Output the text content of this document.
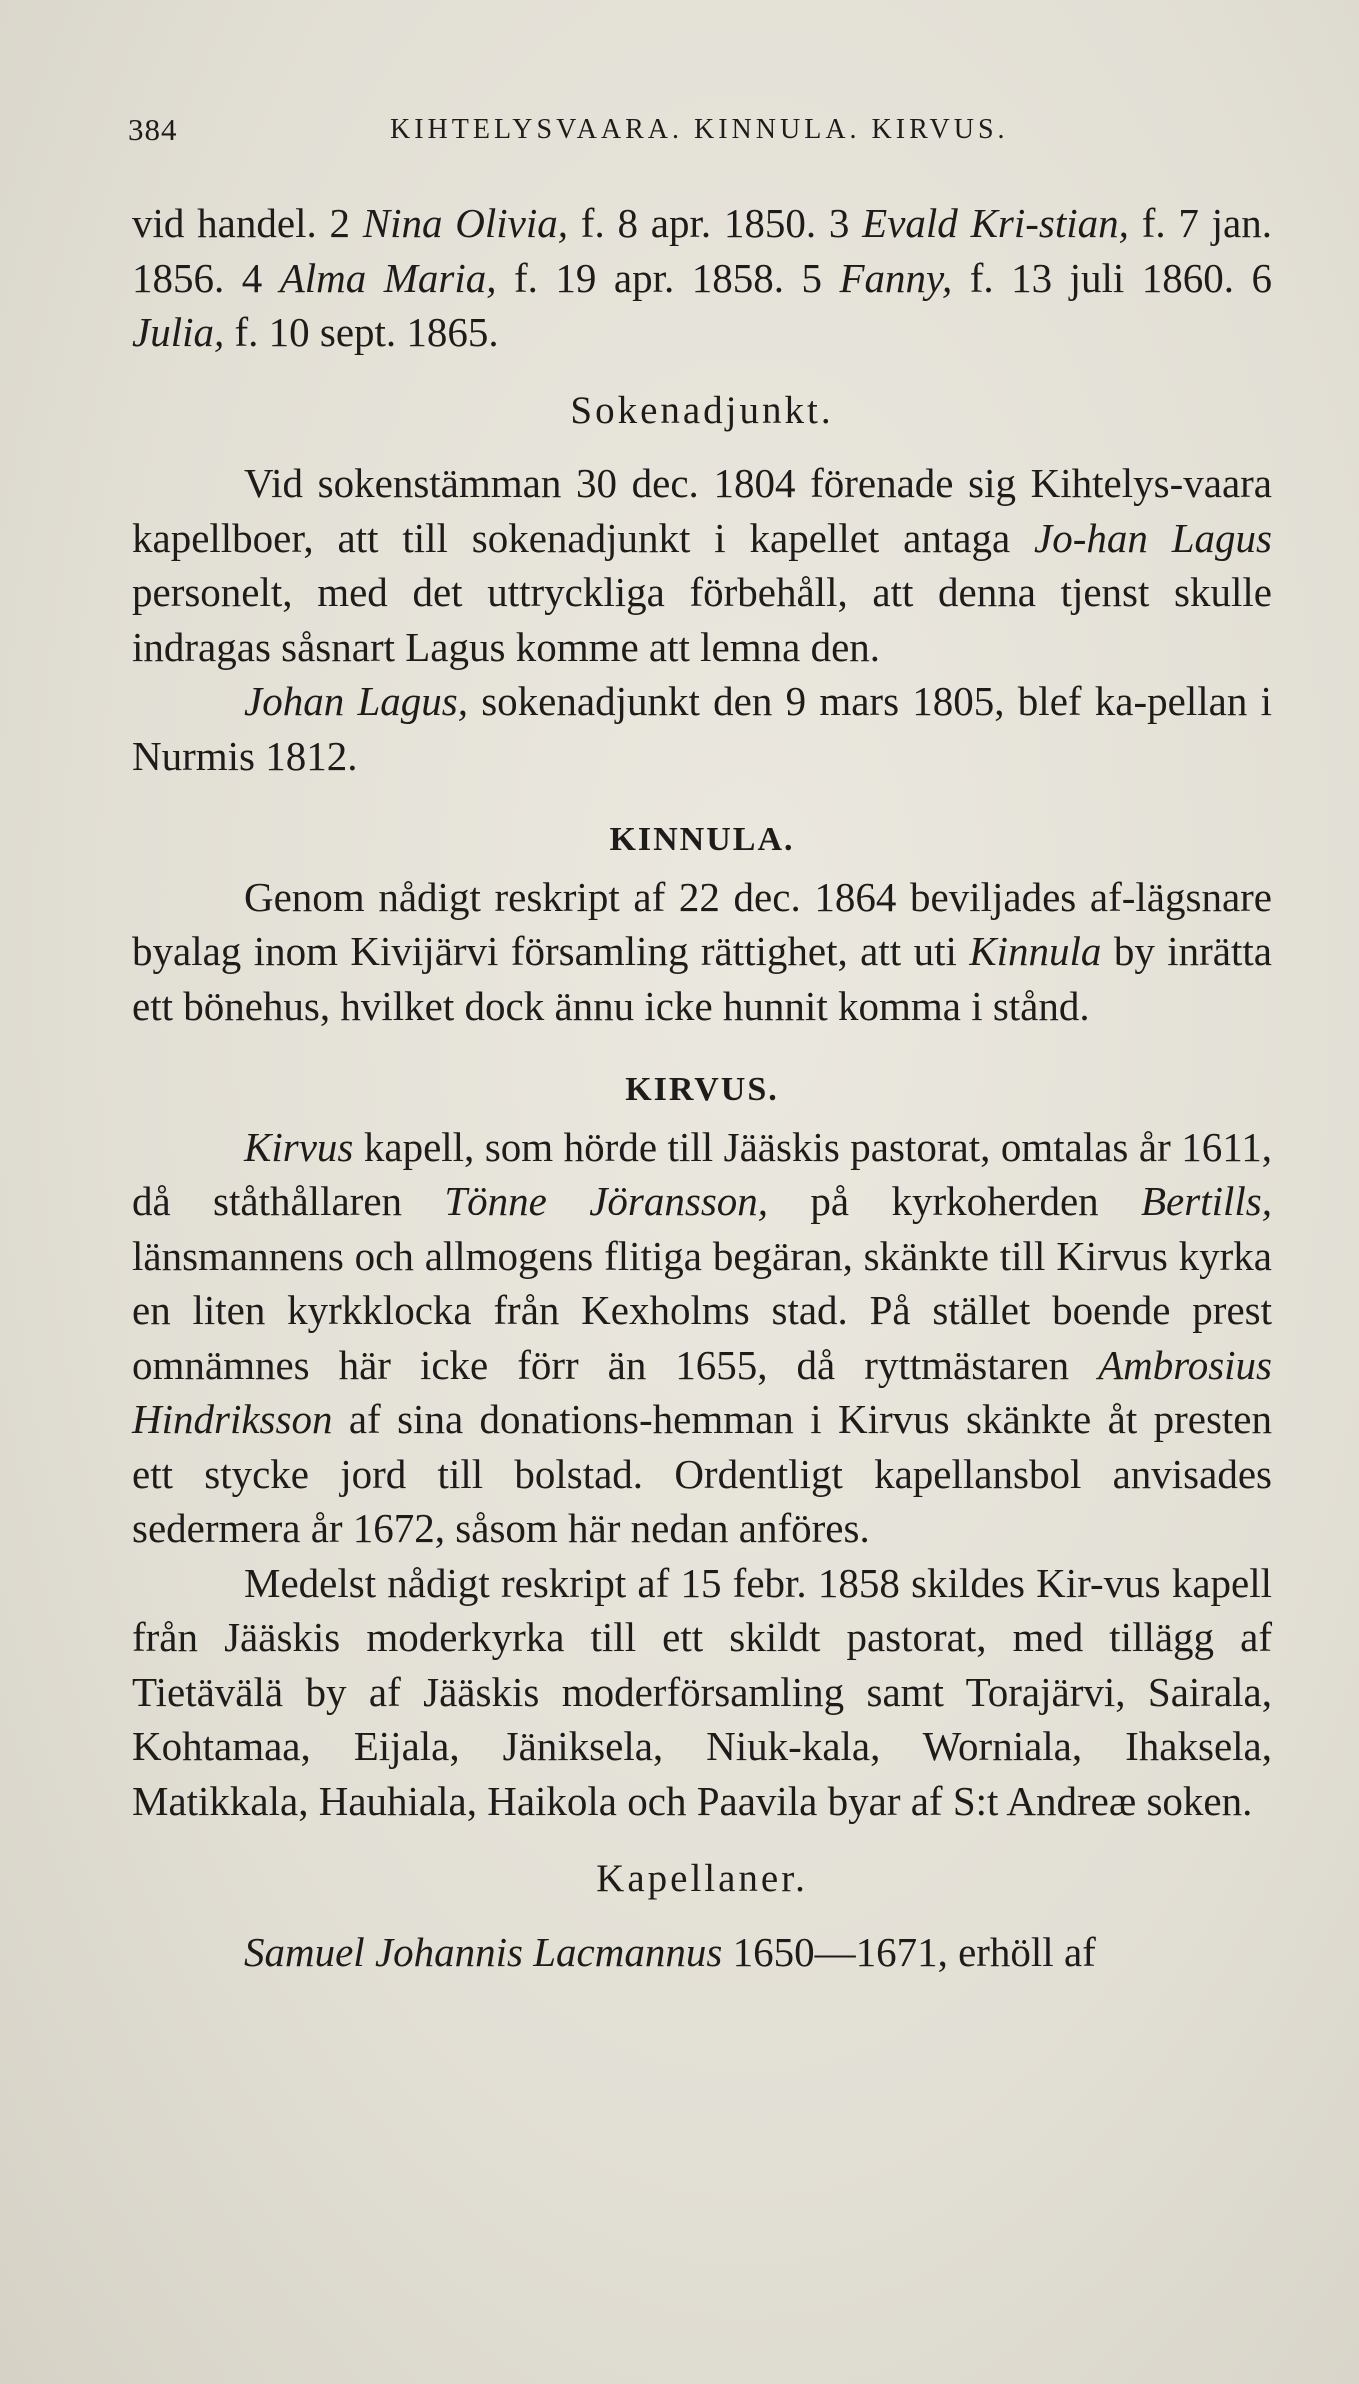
384	KIHTELYSVAARA. KINNULA. KIRVUS.

vid handel. 2 Nina Olivia, f. 8 apr. 1850. 3 Evald Kri-stian, f. 7 jan. 1856. 4 Alma Maria, f. 19 apr. 1858. 5 Fanny, f. 13 juli 1860. 6 Julia, f. 10 sept. 1865.

Sokenadjunkt.

Vid sokenstämman 30 dec. 1804 förenade sig Kihtelys-vaara kapellboer, att till sokenadjunkt i kapellet antaga Jo-han Lagus personelt, med det uttryckliga förbehåll, att denna tjenst skulle indragas såsnart Lagus komme att lemna den.

Johan Lagus, sokenadjunkt den 9 mars 1805, blef ka-pellan i Nurmis 1812.

KINNULA.

Genom nådigt reskript af 22 dec. 1864 beviljades af-lägsnare byalag inom Kivijärvi församling rättighet, att uti Kinnula by inrätta ett bönehus, hvilket dock ännu icke hunnit komma i stånd.

KIRVUS.

Kirvus kapell, som hörde till Jääskis pastorat, omtalas år 1611, då ståthållaren Tönne Jöransson, på kyrkoherden Bertills, länsmannens och allmogens flitiga begäran, skänkte till Kirvus kyrka en liten kyrkklocka från Kexholms stad. På stället boende prest omnämnes här icke förr än 1655, då ryttmästaren Ambrosius Hindriksson af sina donations-hemman i Kirvus skänkte åt presten ett stycke jord till bolstad. Ordentligt kapellansbol anvisades sedermera år 1672, såsom här nedan anföres.

Medelst nådigt reskript af 15 febr. 1858 skildes Kir-vus kapell från Jääskis moderkyrka till ett skildt pastorat, med tillägg af Tietävälä by af Jääskis moderförsamling samt Torajärvi, Sairala, Kohtamaa, Eijala, Jäniksela, Niuk-kala, Worniala, Ihaksela, Matikkala, Hauhiala, Haikola och Paavila byar af S:t Andreæ soken.

Kapellaner.

Samuel Johannis Lacmannus 1650—1671, erhöll af
